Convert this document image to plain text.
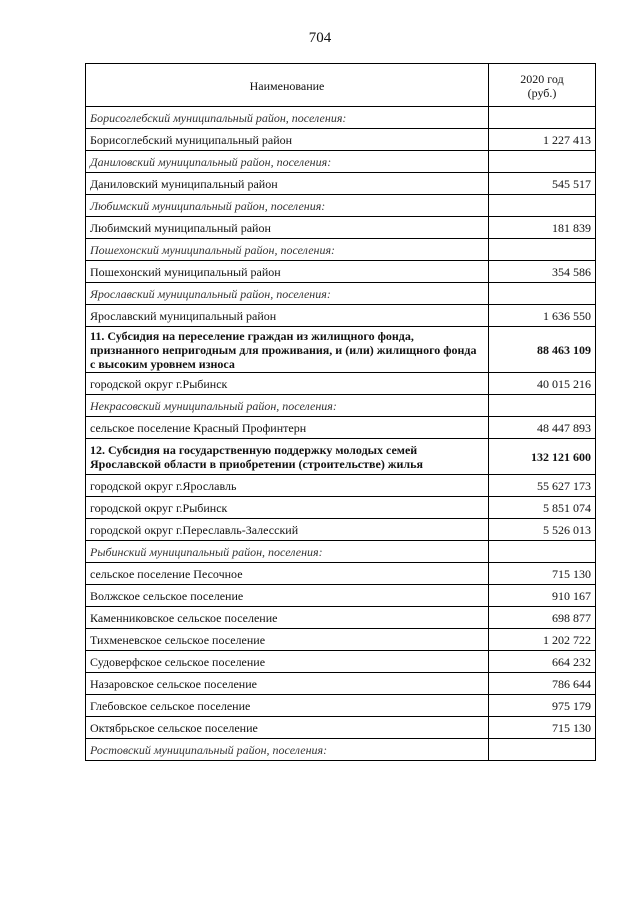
704
Наименование	2020 год
(руб.)
Борисоглебский муниципальный район, поселения:	
Борисоглебский муниципальный район	1 227 413
Даниловский муниципальный район, поселения:	
Даниловский муниципальный район	545 517
Любимский муниципальный район, поселения:	
Любимский муниципальный район	181 839
Пошехонский муниципальный район, поселения:	
Пошехонский муниципальный район	354 586
Ярославский муниципальный район, поселения:	
Ярославский муниципальный район	1 636 550
11. Субсидия на переселение граждан из жилищного фонда, признанного непригодным для проживания, и (или) жилищного фонда с высоким уровнем износа	88 463 109
городской округ г.Рыбинск	40 015 216
Некрасовский муниципальный район, поселения:	
сельское поселение Красный Профинтерн	48 447 893
12. Субсидия на государственную поддержку молодых семей Ярославской области в приобретении (строительстве) жилья	132 121 600
городской округ г.Ярославль	55 627 173
городской округ г.Рыбинск	5 851 074
городской округ г.Переславль-Залесский	5 526 013
Рыбинский муниципальный район, поселения:	
сельское поселение Песочное	715 130
Волжское сельское поселение	910 167
Каменниковское сельское поселение	698 877
Тихменевское сельское поселение	1 202 722
Судоверфское сельское поселение	664 232
Назаровское сельское поселение	786 644
Глебовское сельское поселение	975 179
Октябрьское сельское поселение	715 130
Ростовский муниципальный район, поселения:	
